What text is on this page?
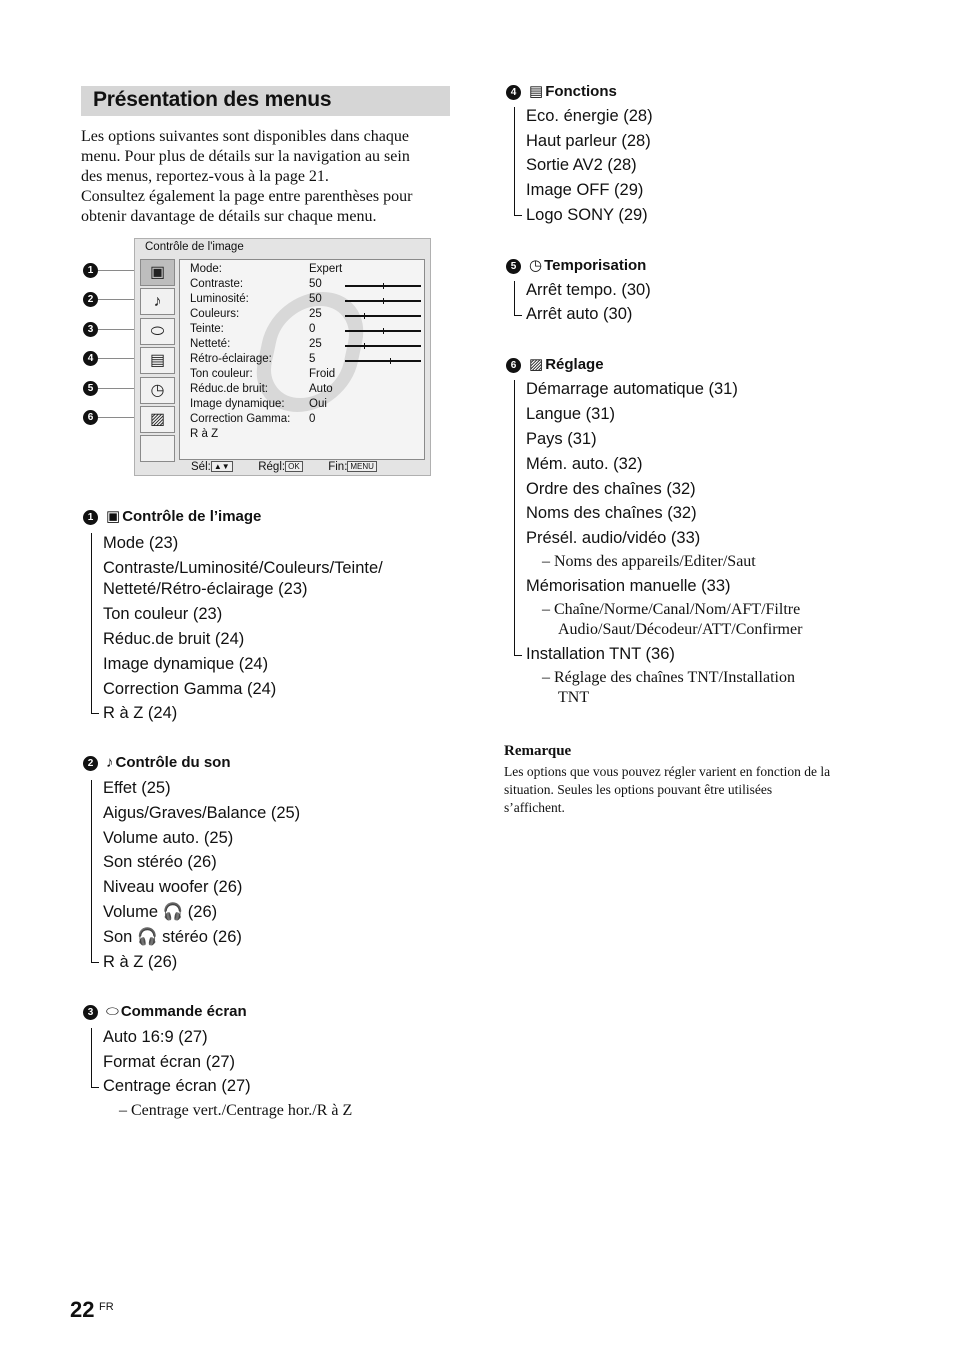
Présentation des menus
Les options suivantes sont disponibles dans chaque
menu. Pour plus de détails sur la navigation au sein
des menus, reportez-vous à la page 21.
Consultez également la page entre parenthèses pour
obtenir davantage de détails sur chaque menu.
1
2
3
4
5
6
Contrôle de l'image
▣
♪
⬭
▤
◷
▨
Mode:	Expert
Contraste:	50
Luminosité:	50
Couleurs:	25
Teinte:	0
Netteté:	25
Rétro-éclairage:	5
Ton couleur:	Froid
Réduc.de bruit:	Auto
Image dynamique: Oui
Correction Gamma: 0
R à Z
Sél: ▲▼ Régl: OK Fin: MENU
1 ▣ Contrôle de l’image
Mode (23)
Contraste/Luminosité/Couleurs/Teinte/
Netteté/Rétro-éclairage (23)
Ton couleur (23)
Réduc.de bruit (24)
Image dynamique (24)
Correction Gamma (24)
R à Z (24)
2 ♪ Contrôle du son
Effet (25)
Aigus/Graves/Balance (25)
Volume auto. (25)
Son stéréo (26)
Niveau woofer (26)
Volume 🎧 (26)
Son 🎧 stéréo (26)
R à Z (26)
3 ⬭ Commande écran
Auto 16:9 (27)
Format écran (27)
Centrage écran (27)
– Centrage vert./Centrage hor./R à Z
4 ▤ Fonctions
Eco. énergie (28)
Haut parleur (28)
Sortie AV2 (28)
Image OFF (29)
Logo SONY (29)
5 ◷ Temporisation
Arrêt tempo. (30)
Arrêt auto (30)
6 ▨ Réglage
Démarrage automatique (31)
Langue (31)
Pays (31)
Mém. auto. (32)
Ordre des chaînes (32)
Noms des chaînes (32)
Présél. audio/vidéo (33)
– Noms des appareils/Editer/Saut
Mémorisation manuelle (33)
– Chaîne/Norme/Canal/Nom/AFT/Filtre
Audio/Saut/Décodeur/ATT/Confirmer
Installation TNT (36)
– Réglage des chaînes TNT/Installation
TNT
Remarque
Les options que vous pouvez régler varient en fonction de la
situation. Seules les options pouvant être utilisées
s’affichent.
22 FR
